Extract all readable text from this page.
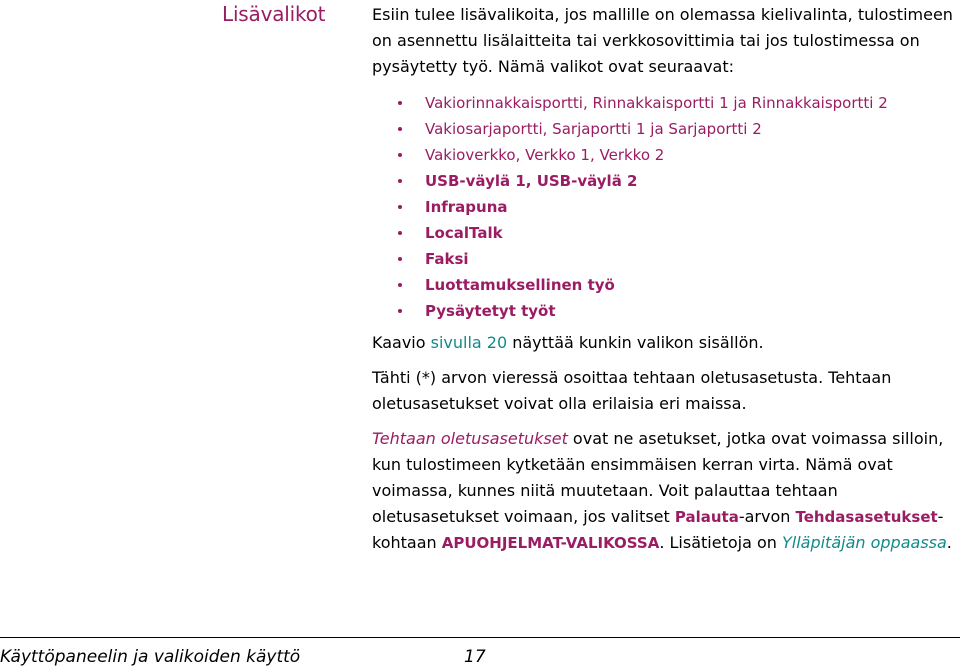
Lisävalikot	Esiin tulee lisävalikoita, jos mallille on olemassa kielivalinta, tulostimeen on asennettu lisälaitteita tai verkkosovittimia tai jos tulostimessa on pysäytetty työ. Nämä valikot ovat seuraavat:

Vakiorinnakkaisportti, Rinnakkaisportti 1 ja Rinnakkaisportti 2
Vakiosarjaportti, Sarjaportti 1 ja Sarjaportti 2
Vakioverkko, Verkko 1, Verkko 2
USB-väylä 1, USB-väylä 2
Infrapuna
LocalTalk
Faksi
Luottamuksellinen työ
Pysäytetyt työt

Kaavio sivulla 20 näyttää kunkin valikon sisällön.

Tähti (*) arvon vieressä osoittaa tehtaan oletusasetusta. Tehtaan oletusasetukset voivat olla erilaisia eri maissa.

Tehtaan oletusasetukset ovat ne asetukset, jotka ovat voimassa silloin, kun tulostimeen kytketään ensimmäisen kerran virta. Nämä ovat voimassa, kunnes niitä muutetaan. Voit palauttaa tehtaan oletusasetukset voimaan, jos valitset Palauta-arvon Tehdasasetukset-kohtaan APUOHJELMAT-VALIKOSSA. Lisätietoja on Ylläpitäjän oppaassa.

Käyttöpaneelin ja valikoiden käyttö	17
